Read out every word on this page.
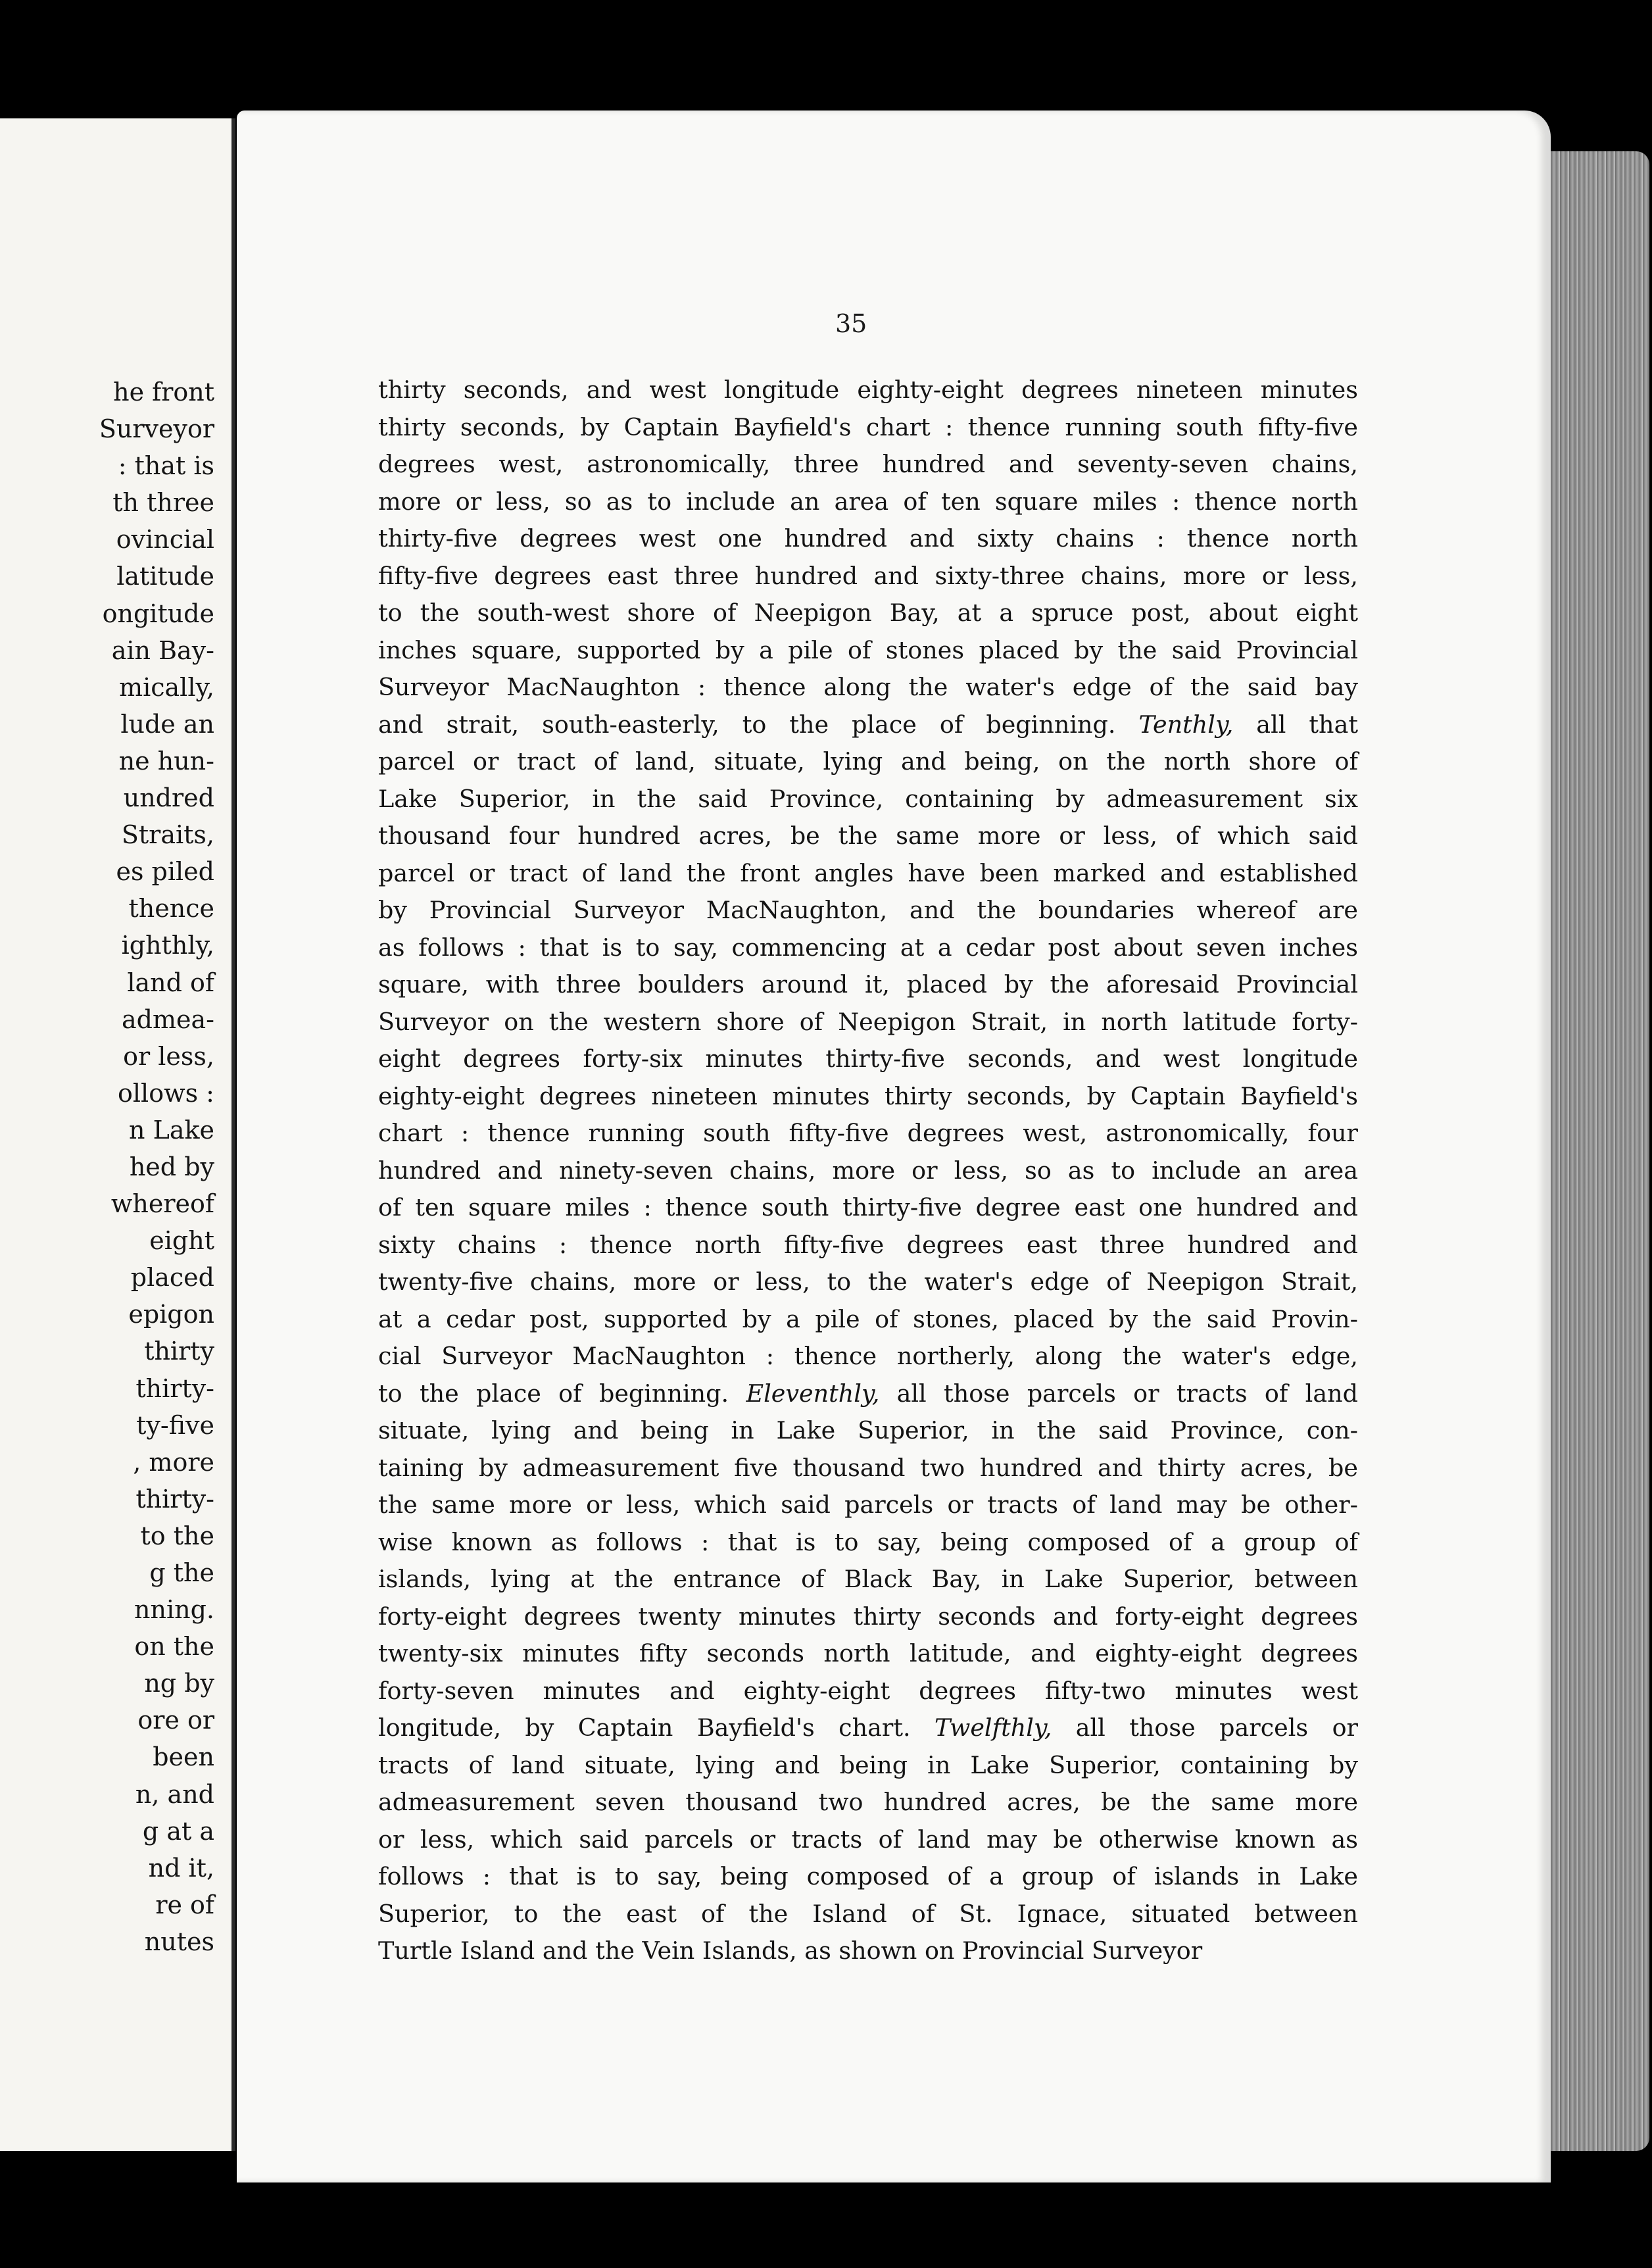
he front
Surveyor
: that is
th three
ovincial
latitude
ongitude
ain Bay-
mically,
lude an
ne hun-
undred
Straits,
es piled
thence
ighthly,
land of
admea-
or less,
ollows :
n Lake
hed by
whereof
eight
placed
epigon
thirty
thirty-
ty-five
, more
thirty-
to the
g the
nning.
on the
ng by
ore or
been
n, and
g at a
nd it,
re of
nutes
35
thirty seconds, and west longitude eighty-eight degrees nineteen minutes
thirty seconds, by Captain Bayfield's chart : thence running south fifty-five
degrees west, astronomically, three hundred and seventy-seven chains,
more or less, so as to include an area of ten square miles : thence north
thirty-five degrees west one hundred and sixty chains : thence north
fifty-five degrees east three hundred and sixty-three chains, more or less,
to the south-west shore of Neepigon Bay, at a spruce post, about eight
inches square, supported by a pile of stones placed by the said Provincial
Surveyor MacNaughton : thence along the water's edge of the said bay
and strait, south-easterly, to the place of beginning. Tenthly, all that
parcel or tract of land, situate, lying and being, on the north shore of
Lake Superior, in the said Province, containing by admeasurement six
thousand four hundred acres, be the same more or less, of which said
parcel or tract of land the front angles have been marked and established
by Provincial Surveyor MacNaughton, and the boundaries whereof are
as follows : that is to say, commencing at a cedar post about seven inches
square, with three boulders around it, placed by the aforesaid Provincial
Surveyor on the western shore of Neepigon Strait, in north latitude forty-
eight degrees forty-six minutes thirty-five seconds, and west longitude
eighty-eight degrees nineteen minutes thirty seconds, by Captain Bayfield's
chart : thence running south fifty-five degrees west, astronomically, four
hundred and ninety-seven chains, more or less, so as to include an area
of ten square miles : thence south thirty-five degree east one hundred and
sixty chains : thence north fifty-five degrees east three hundred and
twenty-five chains, more or less, to the water's edge of Neepigon Strait,
at a cedar post, supported by a pile of stones, placed by the said Provin-
cial Surveyor MacNaughton : thence northerly, along the water's edge,
to the place of beginning. Eleventhly, all those parcels or tracts of land
situate, lying and being in Lake Superior, in the said Province, con-
taining by admeasurement five thousand two hundred and thirty acres, be
the same more or less, which said parcels or tracts of land may be other-
wise known as follows : that is to say, being composed of a group of
islands, lying at the entrance of Black Bay, in Lake Superior, between
forty-eight degrees twenty minutes thirty seconds and forty-eight degrees
twenty-six minutes fifty seconds north latitude, and eighty-eight degrees
forty-seven minutes and eighty-eight degrees fifty-two minutes west
longitude, by Captain Bayfield's chart. Twelfthly, all those parcels or
tracts of land situate, lying and being in Lake Superior, containing by
admeasurement seven thousand two hundred acres, be the same more
or less, which said parcels or tracts of land may be otherwise known as
follows : that is to say, being composed of a group of islands in Lake
Superior, to the east of the Island of St. Ignace, situated between
Turtle Island and the Vein Islands, as shown on Provincial Surveyor
